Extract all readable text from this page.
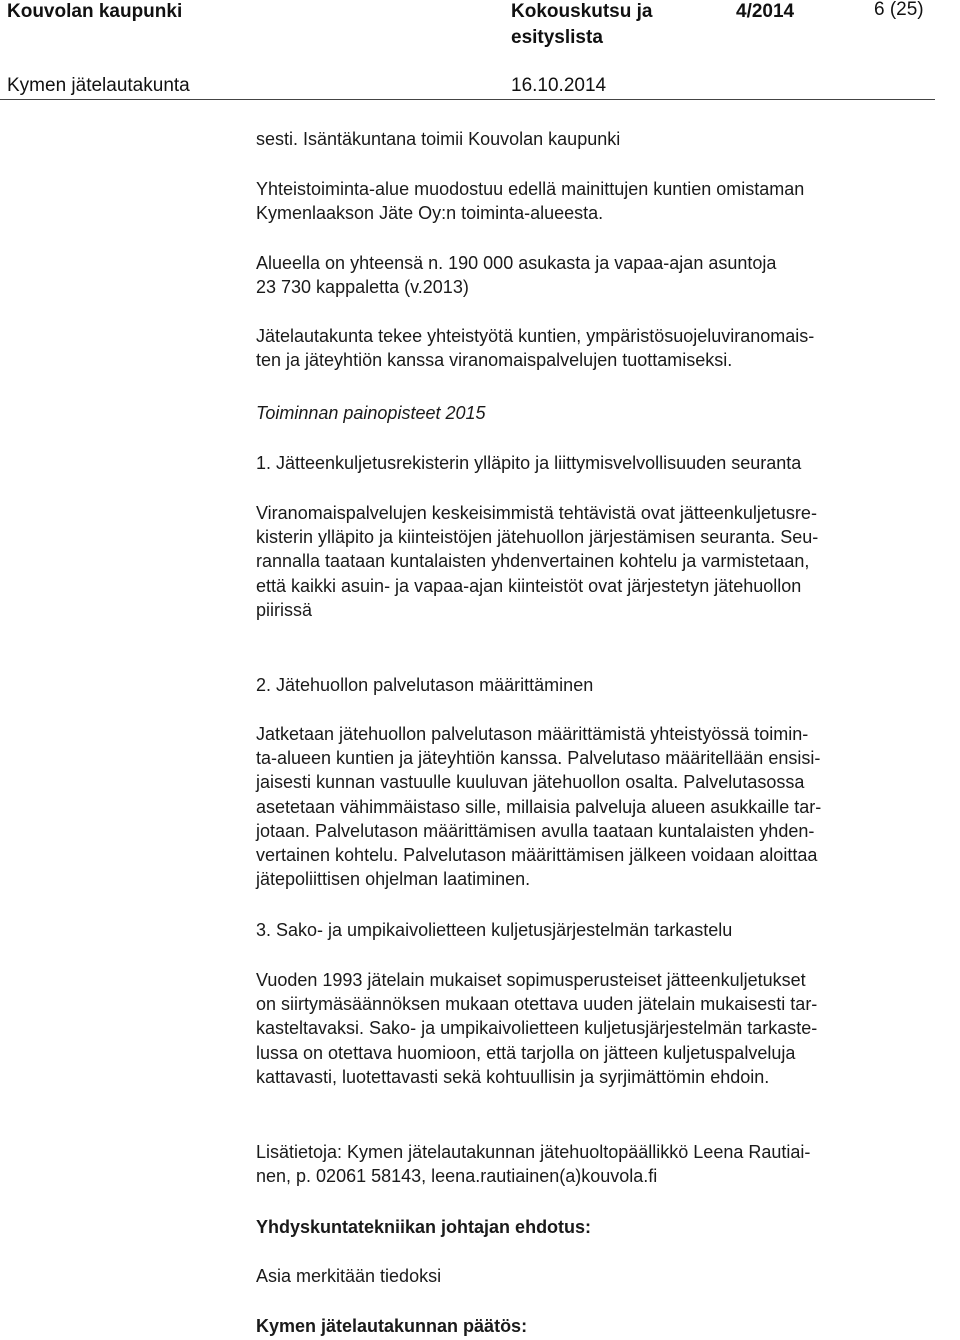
Kouvolan kaupunki	Kokouskutsu ja
esityslista
4/2014	6 (25)
Kymen jätelautakunta	16.10.2014
sesti. Isäntäkuntana toimii Kouvolan kaupunki
Yhteistoiminta-alue muodostuu edellä mainittujen kuntien omistaman
Kymenlaakson Jäte Oy:n toiminta-alueesta.
Alueella on yhteensä n. 190 000 asukasta ja vapaa-ajan asuntoja
23 730 kappaletta (v.2013)
Jätelautakunta tekee yhteistyötä kuntien, ympäristösuojeluviranomais-
ten ja jäteyhtiön kanssa viranomaispalvelujen tuottamiseksi.
Toiminnan painopisteet 2015
1. Jätteenkuljetusrekisterin ylläpito ja liittymisvelvollisuuden seuranta
Viranomaispalvelujen keskeisimmistä tehtävistä ovat jätteenkuljetusre-
kisterin ylläpito ja kiinteistöjen jätehuollon järjestämisen seuranta. Seu-
rannalla taataan kuntalaisten yhdenvertainen kohtelu ja varmistetaan,
että kaikki asuin- ja vapaa-ajan kiinteistöt ovat järjestetyn jätehuollon
piirissä
2. Jätehuollon palvelutason määrittäminen
Jatketaan jätehuollon palvelutason määrittämistä yhteistyössä toimin-
ta-alueen kuntien ja jäteyhtiön kanssa. Palvelutaso määritellään ensisi-
jaisesti kunnan vastuulle kuuluvan jätehuollon osalta. Palvelutasossa
asetetaan vähimmäistaso sille, millaisia palveluja alueen asukkaille tar-
jotaan. Palvelutason määrittämisen avulla taataan kuntalaisten yhden-
vertainen kohtelu. Palvelutason määrittämisen jälkeen voidaan aloittaa
jätepoliittisen ohjelman laatiminen.
3. Sako- ja umpikaivolietteen kuljetusjärjestelmän tarkastelu
Vuoden 1993 jätelain mukaiset sopimusperusteiset jätteenkuljetukset
on siirtymäsäännöksen mukaan otettava uuden jätelain mukaisesti tar-
kasteltavaksi. Sako- ja umpikaivolietteen kuljetusjärjestelmän tarkaste-
lussa on otettava huomioon, että tarjolla on jätteen kuljetuspalveluja
kattavasti, luotettavasti sekä kohtuullisin ja syrjimättömin ehdoin.
Lisätietoja: Kymen jätelautakunnan jätehuoltopäällikkö Leena Rautiai-
nen, p. 02061 58143, leena.rautiainen(a)kouvola.fi
Yhdyskuntatekniikan johtajan ehdotus:
Asia merkitään tiedoksi
Kymen jätelautakunnan päätös:
